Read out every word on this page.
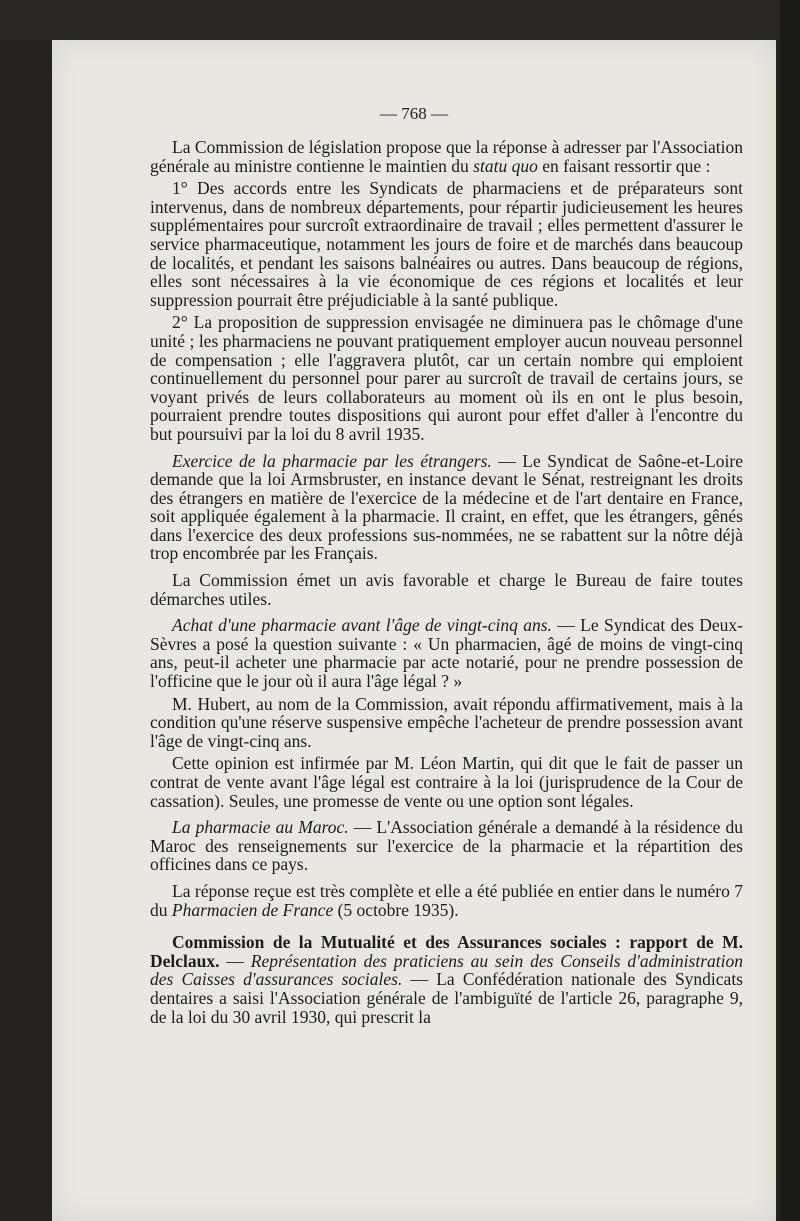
— 768 —

La Commission de législation propose que la réponse à adresser par l'Association générale au ministre contienne le maintien du statu quo en faisant ressortir que :

1° Des accords entre les Syndicats de pharmaciens et de préparateurs sont intervenus, dans de nombreux départements, pour répartir judicieusement les heures supplémentaires pour surcroît extraordinaire de travail ; elles permettent d'assurer le service pharmaceutique, notamment les jours de foire et de marchés dans beaucoup de localités, et pendant les saisons balnéaires ou autres. Dans beaucoup de régions, elles sont nécessaires à la vie économique de ces régions et localités et leur suppression pourrait être préjudiciable à la santé publique.

2° La proposition de suppression envisagée ne diminuera pas le chômage d'une unité ; les pharmaciens ne pouvant pratiquement employer aucun nouveau personnel de compensation ; elle l'aggravera plutôt, car un certain nombre qui emploient continuellement du personnel pour parer au surcroît de travail de certains jours, se voyant privés de leurs collaborateurs au moment où ils en ont le plus besoin, pourraient prendre toutes dispositions qui auront pour effet d'aller à l'encontre du but poursuivi par la loi du 8 avril 1935.

Exercice de la pharmacie par les étrangers. — Le Syndicat de Saône-et-Loire demande que la loi Armsbruster, en instance devant le Sénat, restreignant les droits des étrangers en matière de l'exercice de la médecine et de l'art dentaire en France, soit appliquée également à la pharmacie. Il craint, en effet, que les étrangers, gênés dans l'exercice des deux professions sus-nommées, ne se rabattent sur la nôtre déjà trop encombrée par les Français.

La Commission émet un avis favorable et charge le Bureau de faire toutes démarches utiles.

Achat d'une pharmacie avant l'âge de vingt-cinq ans. — Le Syndicat des Deux-Sèvres a posé la question suivante : « Un pharmacien, âgé de moins de vingt-cinq ans, peut-il acheter une pharmacie par acte notarié, pour ne prendre possession de l'officine que le jour où il aura l'âge légal ? »

M. Hubert, au nom de la Commission, avait répondu affirmativement, mais à la condition qu'une réserve suspensive empêche l'acheteur de prendre possession avant l'âge de vingt-cinq ans.

Cette opinion est infirmée par M. Léon Martin, qui dit que le fait de passer un contrat de vente avant l'âge légal est contraire à la loi (jurisprudence de la Cour de cassation). Seules, une promesse de vente ou une option sont légales.

La pharmacie au Maroc. — L'Association générale a demandé à la résidence du Maroc des renseignements sur l'exercice de la pharmacie et la répartition des officines dans ce pays.

La réponse reçue est très complète et elle a été publiée en entier dans le numéro 7 du Pharmacien de France (5 octobre 1935).

Commission de la Mutualité et des Assurances sociales : rapport de M. Delclaux. — Représentation des praticiens au sein des Conseils d'administration des Caisses d'assurances sociales. — La Confédération nationale des Syndicats dentaires a saisi l'Association générale de l'ambiguïté de l'article 26, paragraphe 9, de la loi du 30 avril 1930, qui prescrit la
